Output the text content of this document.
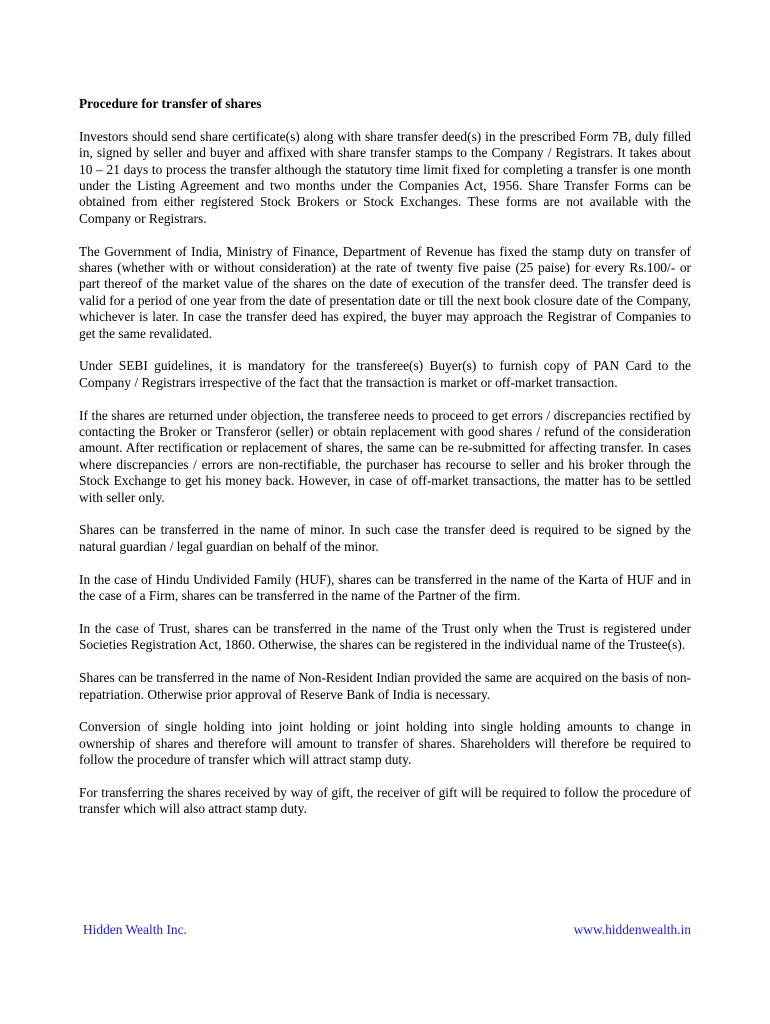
Procedure for transfer of shares

Investors should send share certificate(s) along with share transfer deed(s) in the prescribed Form 7B, duly filled in, signed by seller and buyer and affixed with share transfer stamps to the Company / Registrars. It takes about 10 – 21 days to process the transfer although the statutory time limit fixed for completing a transfer is one month under the Listing Agreement and two months under the Companies Act, 1956. Share Transfer Forms can be obtained from either registered Stock Brokers or Stock Exchanges. These forms are not available with the Company or Registrars.

The Government of India, Ministry of Finance, Department of Revenue has fixed the stamp duty on transfer of shares (whether with or without consideration) at the rate of twenty five paise (25 paise) for every Rs.100/- or part thereof of the market value of the shares on the date of execution of the transfer deed. The transfer deed is valid for a period of one year from the date of presentation date or till the next book closure date of the Company, whichever is later. In case the transfer deed has expired, the buyer may approach the Registrar of Companies to get the same revalidated.

Under SEBI guidelines, it is mandatory for the transferee(s) Buyer(s) to furnish copy of PAN Card to the Company / Registrars irrespective of the fact that the transaction is market or off-market transaction.

If the shares are returned under objection, the transferee needs to proceed to get errors / discrepancies rectified by contacting the Broker or Transferor (seller) or obtain replacement with good shares / refund of the consideration amount. After rectification or replacement of shares, the same can be re-submitted for affecting transfer. In cases where discrepancies / errors are non-rectifiable, the purchaser has recourse to seller and his broker through the Stock Exchange to get his money back. However, in case of off-market transactions, the matter has to be settled with seller only.

Shares can be transferred in the name of minor. In such case the transfer deed is required to be signed by the natural guardian / legal guardian on behalf of the minor.

In the case of Hindu Undivided Family (HUF), shares can be transferred in the name of the Karta of HUF and in the case of a Firm, shares can be transferred in the name of the Partner of the firm.

In the case of Trust, shares can be transferred in the name of the Trust only when the Trust is registered under Societies Registration Act, 1860. Otherwise, the shares can be registered in the individual name of the Trustee(s).

Shares can be transferred in the name of Non-Resident Indian provided the same are acquired on the basis of non-repatriation. Otherwise prior approval of Reserve Bank of India is necessary.

Conversion of single holding into joint holding or joint holding into single holding amounts to change in ownership of shares and therefore will amount to transfer of shares. Shareholders will therefore be required to follow the procedure of transfer which will attract stamp duty.

For transferring the shares received by way of gift, the receiver of gift will be required to follow the procedure of transfer which will also attract stamp duty.

Hidden Wealth Inc.	www.hiddenwealth.in
